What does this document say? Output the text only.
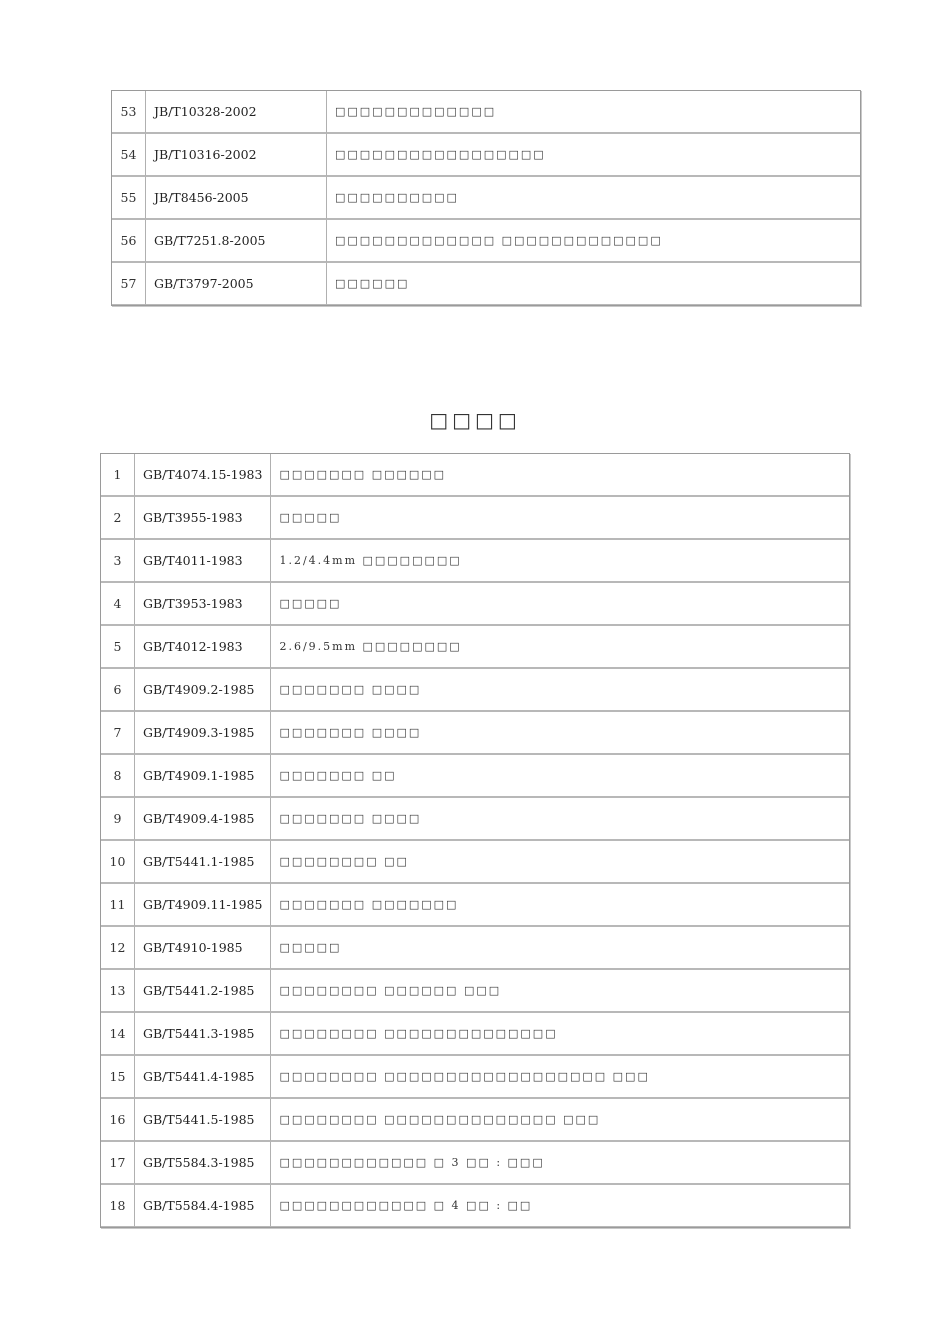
53	JB/T10328-2002	□□□□□□□□□□□□□
54	JB/T10316-2002	□□□□□□□□□□□□□□□□□
55	JB/T8456-2005	□□□□□□□□□□
56	GB/T7251.8-2005	□□□□□□□□□□□□□ □□□□□□□□□□□□□
57	GB/T3797-2005	□□□□□□
□□□□
1	GB/T4074.15-1983	□□□□□□□ □□□□□□
2	GB/T3955-1983	□□□□□
3	GB/T4011-1983	1.2/4.4mm □□□□□□□□
4	GB/T3953-1983	□□□□□
5	GB/T4012-1983	2.6/9.5mm □□□□□□□□
6	GB/T4909.2-1985	□□□□□□□ □□□□
7	GB/T4909.3-1985	□□□□□□□ □□□□
8	GB/T4909.1-1985	□□□□□□□ □□
9	GB/T4909.4-1985	□□□□□□□ □□□□
10	GB/T5441.1-1985	□□□□□□□□ □□
11	GB/T4909.11-1985	□□□□□□□ □□□□□□□
12	GB/T4910-1985	□□□□□
13	GB/T5441.2-1985	□□□□□□□□ □□□□□□ □□□
14	GB/T5441.3-1985	□□□□□□□□ □□□□□□□□□□□□□□
15	GB/T5441.4-1985	□□□□□□□□ □□□□□□□□□□□□□□□□□□ □□□
16	GB/T5441.5-1985	□□□□□□□□ □□□□□□□□□□□□□□ □□□
17	GB/T5584.3-1985	□□□□□□□□□□□□ □ 3 □□ : □□□
18	GB/T5584.4-1985	□□□□□□□□□□□□ □ 4 □□ : □□
